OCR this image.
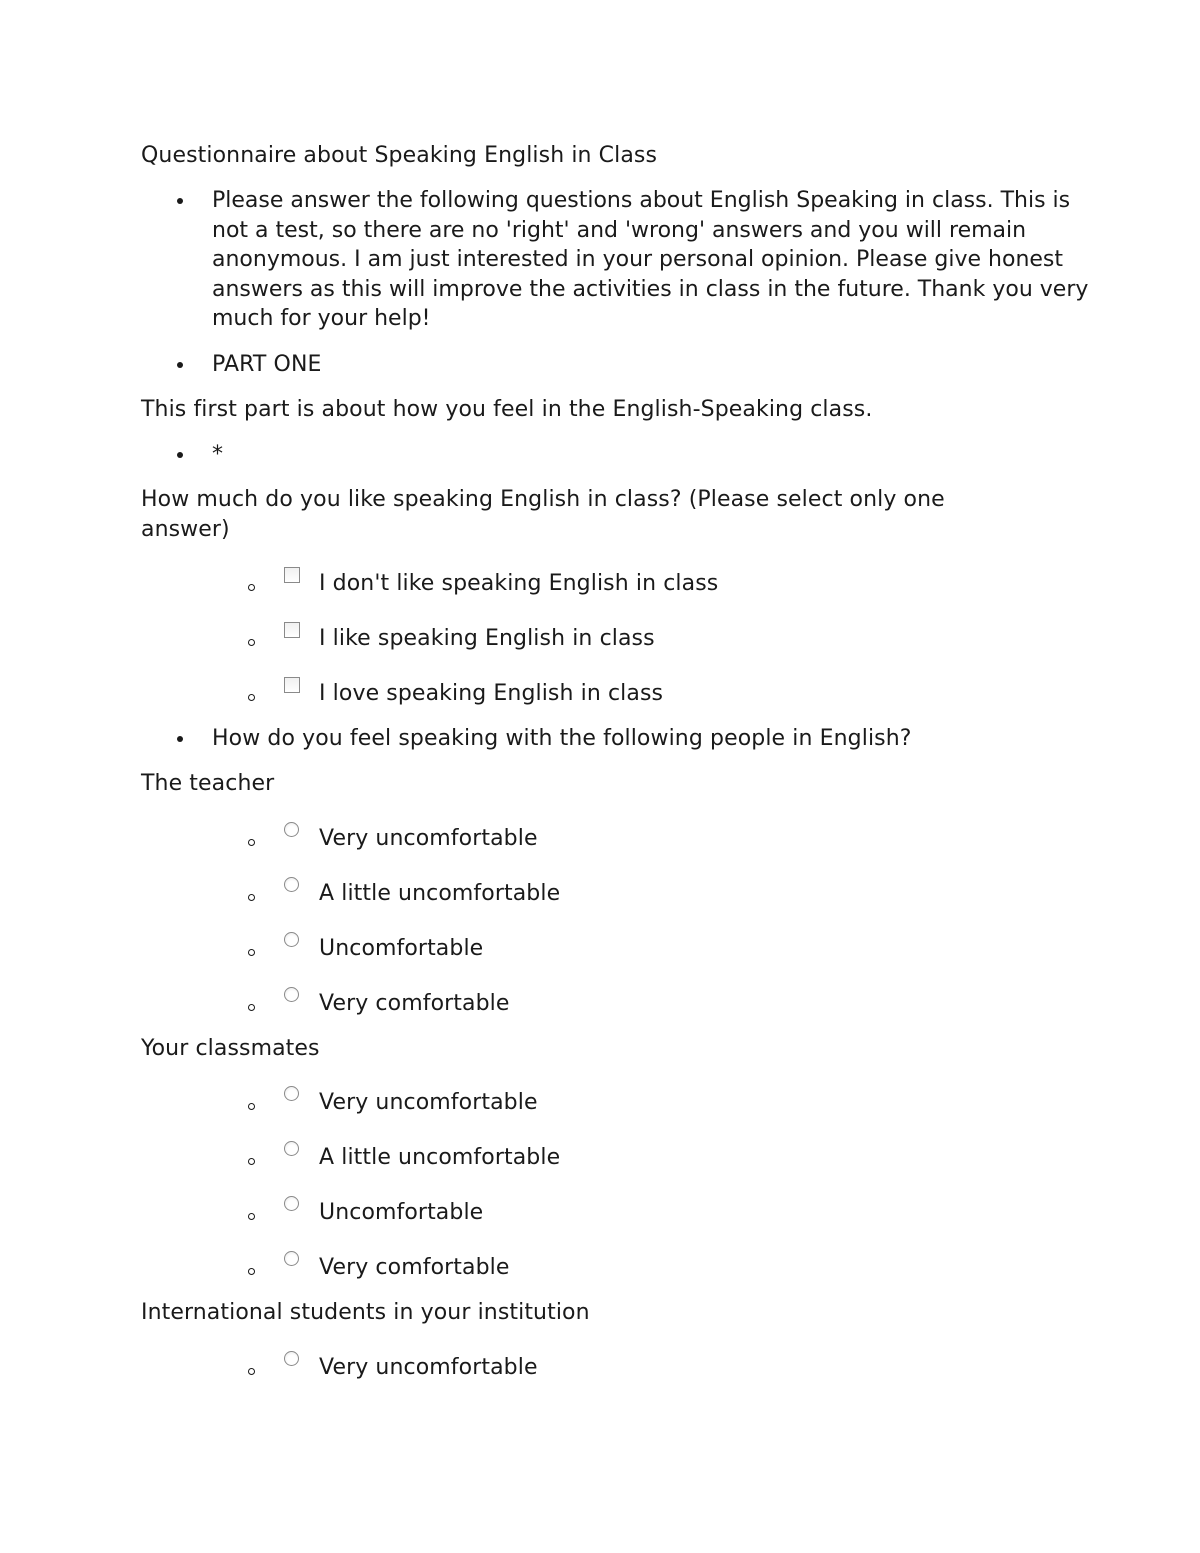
Questionnaire about Speaking English in Class
Please answer the following questions about English Speaking in class. This is not a test, so there are no 'right' and 'wrong' answers and you will remain anonymous. I am just interested in your personal opinion. Please give honest answers as this will improve the activities in class in the future. Thank you very much for your help!
PART ONE
This first part is about how you feel in the English-Speaking class.
*
How much do you like speaking English in class? (Please select only one
answer)
I don't like speaking English in class
I like speaking English in class
I love speaking English in class
How do you feel speaking with the following people in English?
The teacher
Very uncomfortable
A little uncomfortable
Uncomfortable
Very comfortable
Your classmates
Very uncomfortable
A little uncomfortable
Uncomfortable
Very comfortable
International students in your institution
Very uncomfortable
